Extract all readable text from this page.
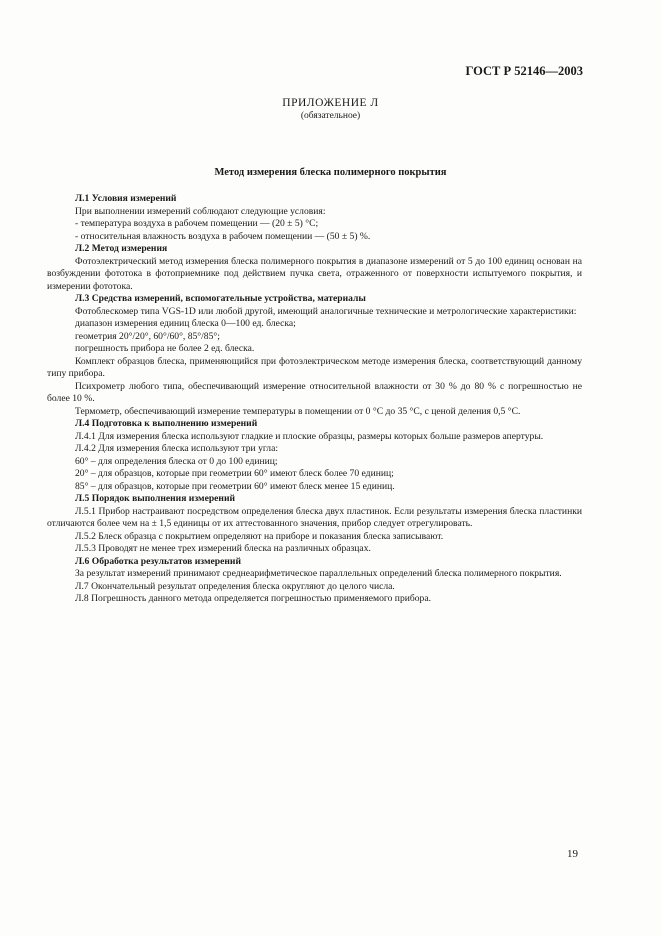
ГОСТ Р 52146—2003
ПРИЛОЖЕНИЕ Л
(обязательное)
Метод измерения блеска полимерного покрытия

Л.1 Условия измерений

При выполнении измерений соблюдают следующие условия:

- температура воздуха в рабочем помещении — (20 ± 5) °С;

- относительная влажность воздуха в рабочем помещении — (50 ± 5) %.

Л.2 Метод измерения

Фотоэлектрический метод измерения блеска полимерного покрытия в диапазоне измерений от 5 до 100 единиц основан на возбуждении фототока в фотоприемнике под действием пучка света, отраженного от поверхности испытуемого покрытия, и измерении фототока.

Л.3 Средства измерений, вспомогательные устройства, материалы

Фотоблескомер типа VGS-1D или любой другой, имеющий аналогичные технические и метрологические характеристики:

диапазон измерения единиц блеска 0—100 ед. блеска;

геометрия 20°/20°, 60°/60°, 85°/85°;

погрешность прибора не более 2 ед. блеска.

Комплект образцов блеска, применяющийся при фотоэлектрическом методе измерения блеска, соответствующий данному типу прибора.

Психрометр любого типа, обеспечивающий измерение относительной влажности от 30 % до 80 % с погрешностью не более 10 %.

Термометр, обеспечивающий измерение температуры в помещении от 0 °С до 35 °С, с ценой деления 0,5 °С.

Л.4 Подготовка к выполнению измерений

Л.4.1 Для измерения блеска используют гладкие и плоские образцы, размеры которых больше размеров апертуры.

Л.4.2 Для измерения блеска используют три угла:

60° – для определения блеска от 0 до 100 единиц;

20° – для образцов, которые при геометрии 60° имеют блеск более 70 единиц;

85° – для образцов, которые при геометрии 60° имеют блеск менее 15 единиц.

Л.5 Порядок выполнения измерений

Л.5.1 Прибор настраивают посредством определения блеска двух пластинок. Если результаты измерения блеска пластинки отличаются более чем на ± 1,5 единицы от их аттестованного значения, прибор следует отрегулировать.

Л.5.2 Блеск образца с покрытием определяют на приборе и показания блеска записывают.

Л.5.3 Проводят не менее трех измерений блеска на различных образцах.

Л.6 Обработка результатов измерений

За результат измерений принимают среднеарифметическое параллельных определений блеска полимерного покрытия.

Л.7 Окончательный результат определения блеска округляют до целого числа.

Л.8 Погрешность данного метода определяется погрешностью применяемого прибора.

19
